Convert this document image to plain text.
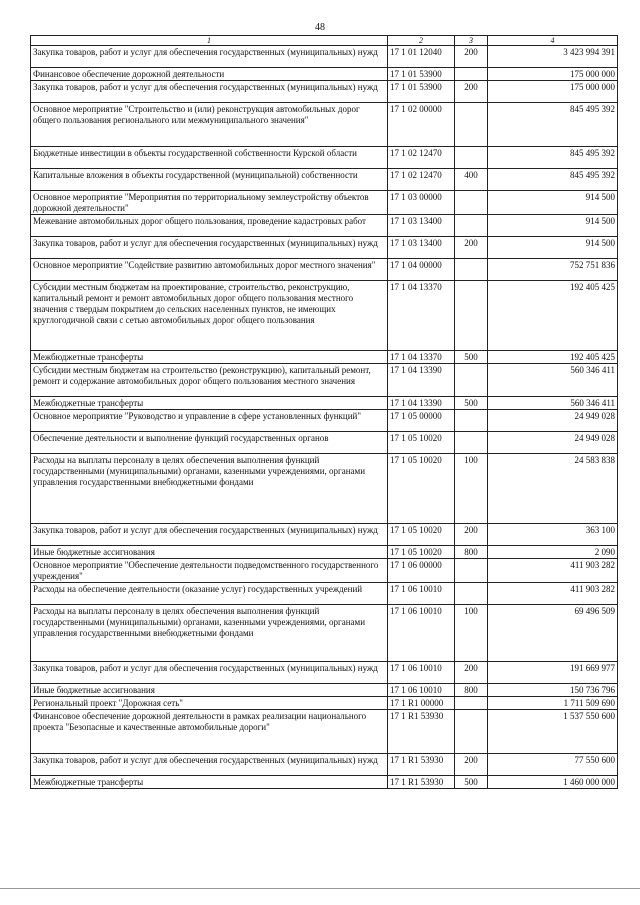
48
1	2	3	4
Закупка товаров, работ и услуг для обеспечения государственных (муниципальных) нужд	17 1 01 12040	200	3 423 994 391
Финансовое обеспечение дорожной деятельности	17 1 01 53900		175 000 000
Закупка товаров, работ и услуг для обеспечения государственных (муниципальных) нужд	17 1 01 53900	200	175 000 000
Основное мероприятие "Строительство и (или) реконструкция автомобильных дорог общего пользования регионального или межмуниципального значения"	17 1 02 00000		845 495 392
Бюджетные инвестиции в объекты государственной собственности Курской области	17 1 02 12470		845 495 392
Капитальные вложения в объекты государственной (муниципальной) собственности	17 1 02 12470	400	845 495 392
Основное мероприятие "Мероприятия по территориальному землеустройству объектов дорожной деятельности"	17 1 03 00000		914 500
Межевание автомобильных дорог общего пользования, проведение кадастровых работ	17 1 03 13400		914 500
Закупка товаров, работ и услуг для обеспечения государственных (муниципальных) нужд	17 1 03 13400	200	914 500
Основное мероприятие "Содействие развитию автомобильных дорог местного значения"	17 1 04 00000		752 751 836
Субсидии местным бюджетам на проектирование, строительство, реконструкцию, капитальный ремонт и ремонт автомобильных дорог общего пользования местного значения с твердым покрытием до сельских населенных пунктов, не имеющих круглогодичной связи с сетью автомобильных дорог общего пользования	17 1 04 13370		192 405 425
Межбюджетные трансферты	17 1 04 13370	500	192 405 425
Субсидии местным бюджетам на строительство (реконструкцию), капитальный ремонт, ремонт и содержание автомобильных дорог общего пользования местного значения	17 1 04 13390		560 346 411
Межбюджетные трансферты	17 1 04 13390	500	560 346 411
Основное мероприятие "Руководство и управление в сфере установленных функций"	17 1 05 00000		24 949 028
Обеспечение деятельности и выполнение функций государственных органов	17 1 05 10020		24 949 028
Расходы на выплаты персоналу в целях обеспечения выполнения функций государственными (муниципальными) органами, казенными учреждениями, органами управления государственными внебюджетными фондами	17 1 05 10020	100	24 583 838
Закупка товаров, работ и услуг для обеспечения государственных (муниципальных) нужд	17 1 05 10020	200	363 100
Иные бюджетные ассигнования	17 1 05 10020	800	2 090
Основное мероприятие "Обеспечение деятельности подведомственного государственного учреждения"	17 1 06 00000		411 903 282
Расходы на обеспечение деятельности (оказание услуг) государственных учреждений	17 1 06 10010		411 903 282
Расходы на выплаты персоналу в целях обеспечения выполнения функций государственными (муниципальными) органами, казенными учреждениями, органами управления государственными внебюджетными фондами	17 1 06 10010	100	69 496 509
Закупка товаров, работ и услуг для обеспечения государственных (муниципальных) нужд	17 1 06 10010	200	191 669 977
Иные бюджетные ассигнования	17 1 06 10010	800	150 736 796
Региональный проект "Дорожная сеть"	17 1 R1 00000		1 711 509 690
Финансовое обеспечение дорожной деятельности в рамках реализации национального проекта "Безопасные и качественные автомобильные дороги"	17 1 R1 53930		1 537 550 600
Закупка товаров, работ и услуг для обеспечения государственных (муниципальных) нужд	17 1 R1 53930	200	77 550 600
Межбюджетные трансферты	17 1 R1 53930	500	1 460 000 000
